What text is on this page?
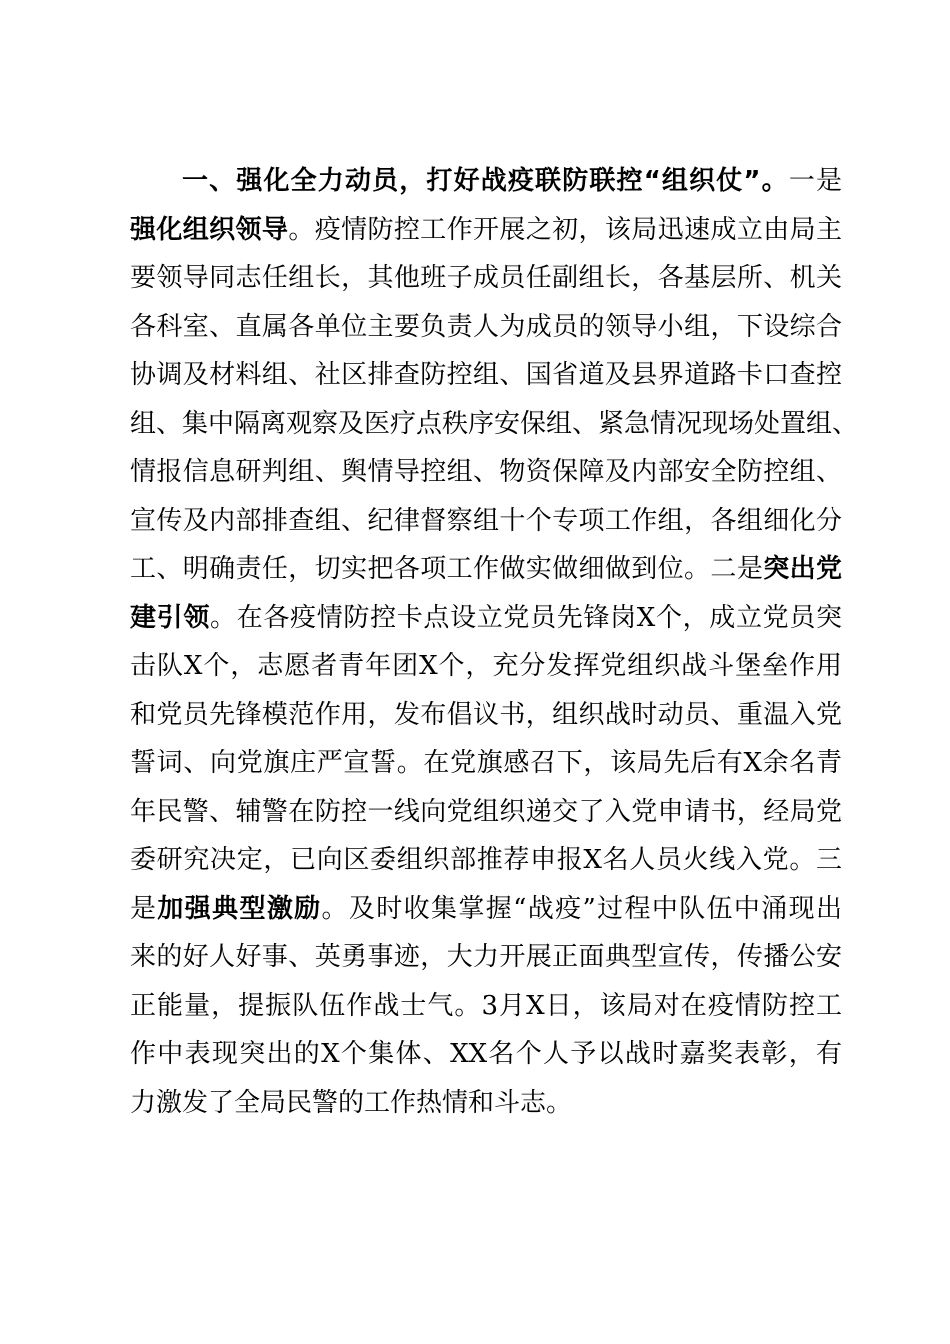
一、强化全力动员，打好战疫联防联控“组织仗”。一是
强化组织领导。疫情防控工作开展之初，该局迅速成立由局主
要领导同志任组长，其他班子成员任副组长，各基层所、机关
各科室、直属各单位主要负责人为成员的领导小组，下设综合
协调及材料组、社区排查防控组、国省道及县界道路卡口查控
组、集中隔离观察及医疗点秩序安保组、紧急情况现场处置组、
情报信息研判组、舆情导控组、物资保障及内部安全防控组、
宣传及内部排查组、纪律督察组十个专项工作组，各组细化分
工、明确责任，切实把各项工作做实做细做到位。二是突出党
建引领。在各疫情防控卡点设立党员先锋岗X个，成立党员突
击队X个，志愿者青年团X个，充分发挥党组织战斗堡垒作用
和党员先锋模范作用，发布倡议书，组织战时动员、重温入党
誓词、向党旗庄严宣誓。在党旗感召下，该局先后有X余名青
年民警、辅警在防控一线向党组织递交了入党申请书，经局党
委研究决定，已向区委组织部推荐申报X名人员火线入党。三
是加强典型激励。及时收集掌握“战疫”过程中队伍中涌现出
来的好人好事、英勇事迹，大力开展正面典型宣传，传播公安
正能量，提振队伍作战士气。3月X日，该局对在疫情防控工
作中表现突出的X个集体、XX名个人予以战时嘉奖表彰，有
力激发了全局民警的工作热情和斗志。
